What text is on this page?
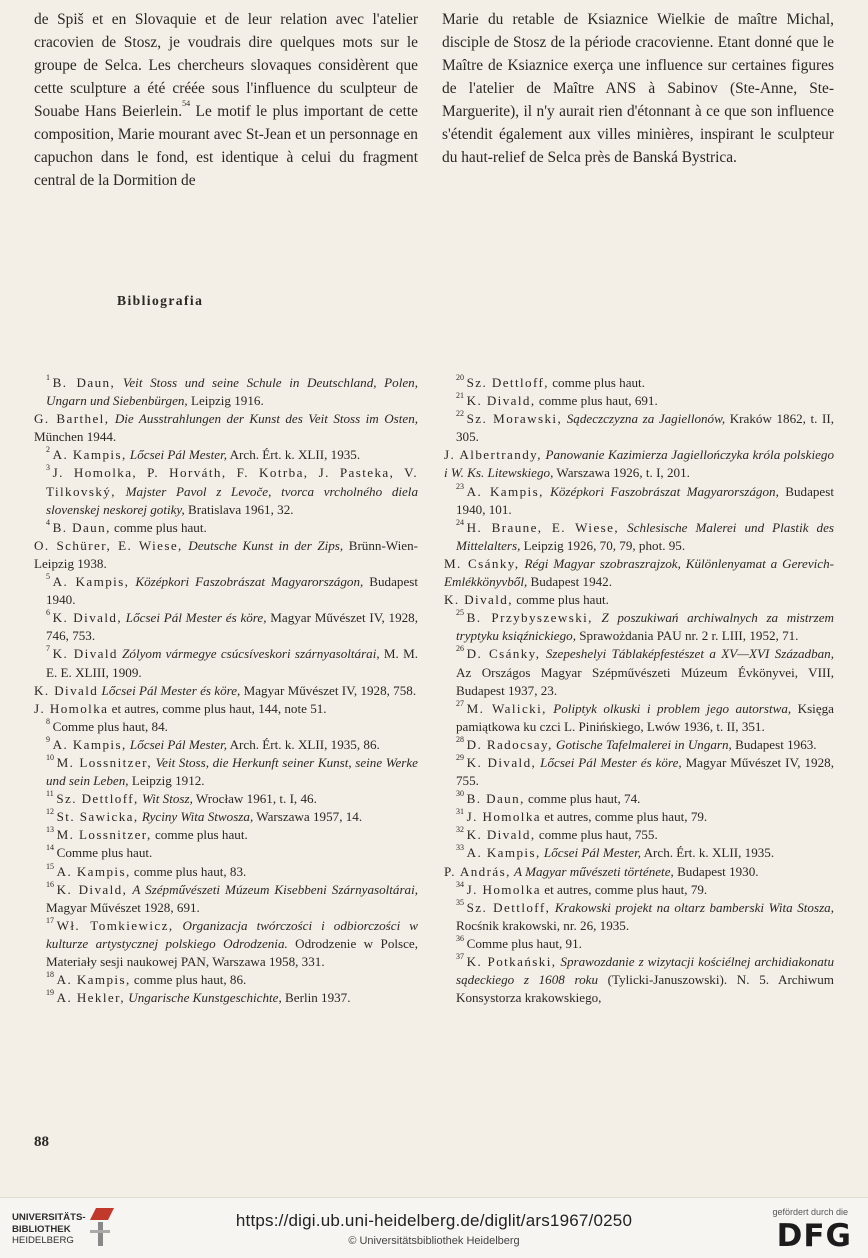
de Spiš et en Slovaquie et de leur relation avec l'atelier cracovien de Stosz, je voudrais dire quelques mots sur le groupe de Selca. Les chercheurs slovaques considèrent que cette sculpture a été créée sous l'influence du sculpteur de Souabe Hans Beierlein.$^{54}$ Le motif le plus important de cette composition, Marie mourant avec St-Jean et un personnage en capuchon dans le fond, est identique à celui du fragment central de la Dormition de

Marie du retable de Ksiaznice Wielkie de maître Michal, disciple de Stosz de la période cracovienne. Etant donné que le Maître de Ksiaznice exerça une influence sur certaines figures de l'atelier de Maître ANS à Sabinov (Ste-Anne, Ste-Marguerite), il n'y aurait rien d'étonnant à ce que son influence s'étendit également aux villes minières, inspirant le sculpteur du haut-relief de Selca près de Banská Bystrica.

Bibliografia

$^1$  B. Daun, Veit Stoss und seine Schule in Deutschland, Polen, Ungarn und Siebenbürgen, Leipzig 1916.

G. Barthel, Die Ausstrahlungen der Kunst des Veit Stoss im Osten, München 1944.

$^2$  A. Kampis, Lőcsei Pál Mester, Arch. Ért. k. XLII, 1935.

$^3$  J. Homolka, P. Horváth, F. Kotrba, J. Pasteka, V. Tilkovský, Majster Pavol z Levoče, tvorca vrcholného diela slovenskej neskorej gotiky, Bratislava 1961, 32.

$^4$  B. Daun, comme plus haut.

O. Schürer, E. Wiese, Deutsche Kunst in der Zips, Brünn-Wien-Leipzig 1938.

$^5$  A. Kampis, Középkori Faszobrászat Magyarországon, Budapest 1940.

$^6$  K. Divald, Lőcsei Pál Mester és köre, Magyar Művészet IV, 1928, 746, 753.

$^7$  K. Divald Zólyom vármegye csúcsíveskori szárnyasoltárai, M. M. E. E. XLIII, 1909.

K. Divald Lőcsei Pál Mester és köre, Magyar Művészet IV, 1928, 758.

J. Homolka et autres, comme plus haut, 144, note 51.

$^8$  Comme plus haut, 84.

$^9$  A. Kampis, Lőcsei Pál Mester, Arch. Ért. k. XLII, 1935, 86.

$^{10}$  M. Lossnitzer, Veit Stoss, die Herkunft seiner Kunst, seine Werke und sein Leben, Leipzig 1912.

$^{11}$  Sz. Dettloff, Wit Stosz, Wrocław 1961, t. I, 46.

$^{12}$  St. Sawicka, Ryciny Wita Stwosza, Warszawa 1957, 14.

$^{13}$  M. Lossnitzer, comme plus haut.

$^{14}$  Comme plus haut.

$^{15}$  A. Kampis, comme plus haut, 83.

$^{16}$  K. Divald, A Szépművészeti Múzeum Kisebbeni Szárnyasoltárai, Magyar Művészet 1928, 691.

$^{17}$  Wł. Tomkiewicz, Organizacja twórczości i odbiorczości w kulturze artystycznej polskiego Odrodzenia. Odrodzenie w Polsce, Materiały sesji naukowej PAN, Warszawa 1958, 331.

$^{18}$  A. Kampis, comme plus haut, 86.

$^{19}$  A. Hekler, Ungarische Kunstgeschichte, Berlin 1937.

$^{20}$  Sz. Dettloff, comme plus haut.

$^{21}$  K. Divald, comme plus haut, 691.

$^{22}$  Sz. Morawski, Sądeczczyzna za Jagiellonów, Kraków 1862, t. II, 305.

J. Albertrandy, Panowanie Kazimierza Jagiellończyka króla polskiego i W. Ks. Litewskiego, Warszawa 1926, t. I, 201.

$^{23}$  A. Kampis, Középkori Faszobrászat Magyarországon, Budapest 1940, 101.

$^{24}$  H. Braune, E. Wiese, Schlesische Malerei und Plastik des Mittelalters, Leipzig 1926, 70, 79, phot. 95.

M. Csánky, Régi Magyar szobraszrajzok, Különlenyamat a Gerevich-Emlékkönyvből, Budapest 1942.

K. Divald, comme plus haut.

$^{25}$  B. Przybyszewski, Z poszukiwań archiwalnych za mistrzem tryptyku ksiąźnickiego, Sprawożdania PAU nr. 2 r. LIII, 1952, 71.

$^{26}$  D. Csánky, Szepeshelyi Táblaképfestészet a XV—XVI Században, Az Országos Magyar Szépművészeti Múzeum Évkönyvei, VIII, Budapest 1937, 23.

$^{27}$  M. Walicki, Poliptyk olkuski i problem jego autorstwa, Księga pamiątkowa ku czci L. Pinińskiego, Lwów 1936, t. II, 351.

$^{28}$  D. Radocsay, Gotische Tafelmalerei in Ungarn, Budapest 1963.

$^{29}$  K. Divald, Lőcsei Pál Mester és köre, Magyar Művészet IV, 1928, 755.

$^{30}$  B. Daun, comme plus haut, 74.

$^{31}$  J. Homolka et autres, comme plus haut, 79.

$^{32}$  K. Divald, comme plus haut, 755.

$^{33}$  A. Kampis, Lőcsei Pál Mester, Arch. Ért. k. XLII, 1935.

P. András, A Magyar művészeti története, Budapest 1930.

$^{34}$  J. Homolka et autres, comme plus haut, 79.

$^{35}$  Sz. Dettloff, Krakowski projekt na oltarz bamberski Wita Stosza, Rocśnik krakowski, nr. 26, 1935.

$^{36}$  Comme plus haut, 91.

$^{37}$  K. Potkański, Sprawozdanie z wizytacji kościélnej archidiakonatu sądeckiego z 1608 roku (Tylicki-Januszowski). N. 5. Archiwum Konsystorza krakowskiego,

88
UNIVERSITÄTS-
BIBLIOTHEK
HEIDELBERG
https://digi.ub.uni-heidelberg.de/diglit/ars1967/0250
© Universitätsbibliothek Heidelberg
gefördert durch die
DFG
